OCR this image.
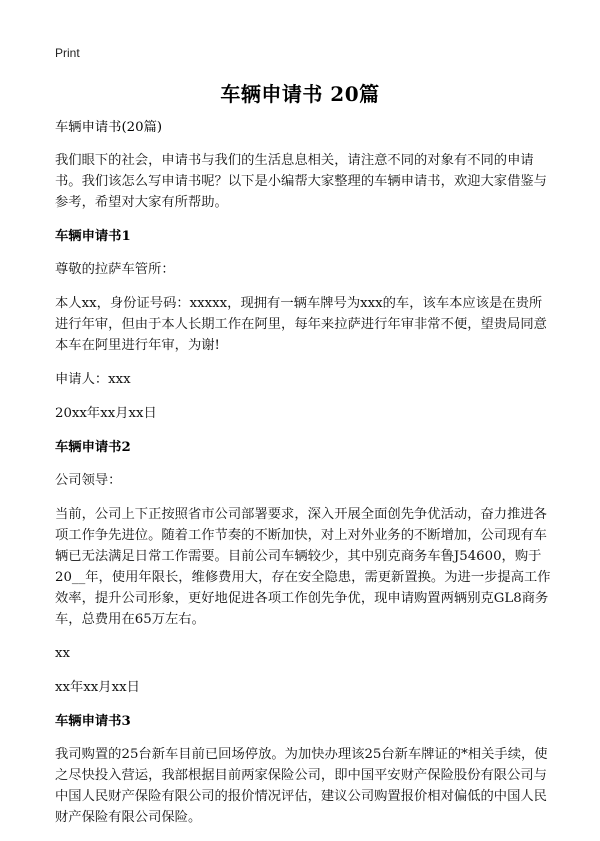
Print
车辆申请书 20篇

车辆申请书(20篇)

我们眼下的社会，申请书与我们的生活息息相关，请注意不同的对象有不同的申请书。我们该怎么写申请书呢？以下是小编帮大家整理的车辆申请书，欢迎大家借鉴与参考，希望对大家有所帮助。

车辆申请书1

尊敬的拉萨车管所：

本人xx，身份证号码：xxxxx，现拥有一辆车牌号为xxx的车，该车本应该是在贵所进行年审，但由于本人长期工作在阿里，每年来拉萨进行年审非常不便，望贵局同意本车在阿里进行年审，为谢!

申请人：xxx

20xx年xx月xx日

车辆申请书2

公司领导：

当前，公司上下正按照省市公司部署要求，深入开展全面创先争优活动，奋力推进各项工作争先进位。随着工作节奏的不断加快，对上对外业务的不断增加，公司现有车辆已无法满足日常工作需要。目前公司车辆较少，其中别克商务车鲁J54600，购于20__年，使用年限长，维修费用大，存在安全隐患，需更新置换。为进一步提高工作效率，提升公司形象，更好地促进各项工作创先争优，现申请购置两辆别克GL8商务车，总费用在65万左右。

xx

xx年xx月xx日

车辆申请书3

我司购置的25台新车目前已回场停放。为加快办理该25台新车牌证的*相关手续，使之尽快投入营运，我部根据目前两家保险公司，即中国平安财产保险股份有限公司与中国人民财产保险有限公司的报价情况评估，建议公司购置报价相对偏低的中国人民财产保险有限公司保险。
